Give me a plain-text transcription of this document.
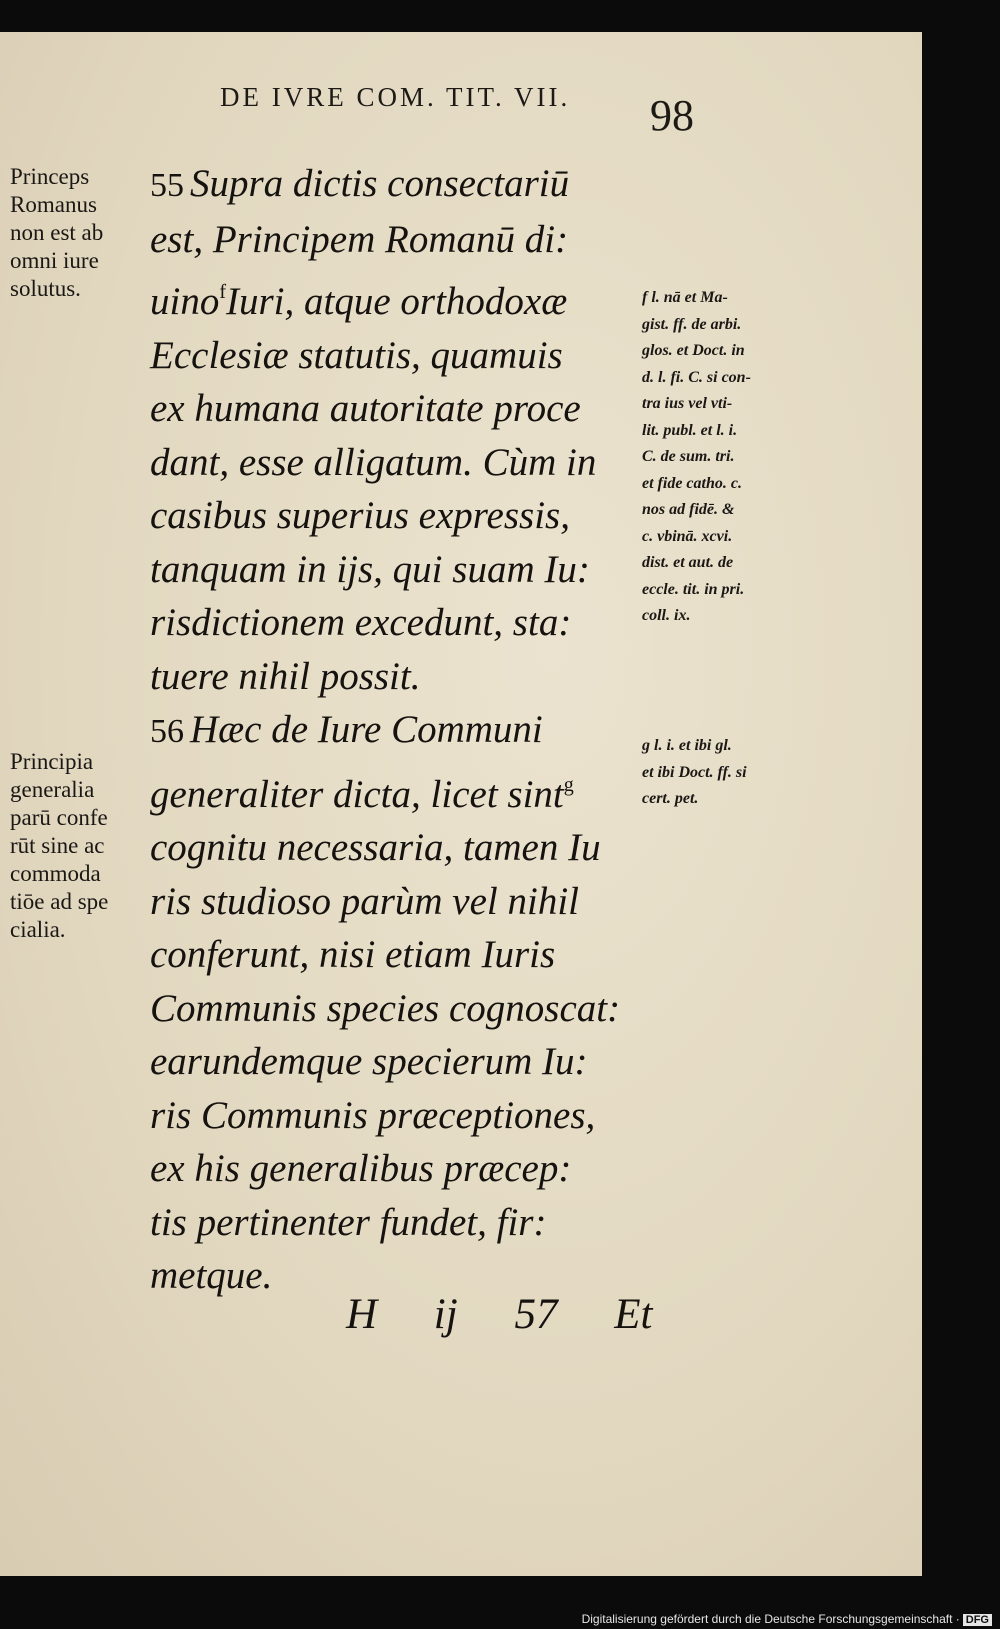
DE IVRE COM. TIT. VII. 98
Princeps
Romanus
non est ab
omni iure
solutus.
Principia
generalia
parū confe
rūt sine ac
commoda
tiōe ad spe
cialia.
55 Supra dictis consectariū
est, Principem Romanū di:
uino$^f$Iuri, atque orthodoxæ
Ecclesiæ statutis, quamuis
ex humana autoritate proce
dant, esse alligatum. Cùm in
casibus superius expressis,
tanquam in ijs, qui suam Iu:
risdictionem excedunt, sta:
tuere nihil possit.
56 Hæc de Iure Communi
generaliter dicta, licet sint$^g$
cognitu necessaria, tamen Iu
ris studioso parùm vel nihil
conferunt, nisi etiam Iuris
Communis species cognoscat:
earundemque specierum Iu:
ris Communis præceptiones,
ex his generalibus præcep:
tis pertinenter fundet, fir:
metque.
f l. nā et Ma-
gist. ff. de arbi.
glos. et Doct. in
d. l. fi. C. si con-
tra ius vel vti-
lit. publ. et l. i.
C. de sum. tri.
et fide catho. c.
nos ad fidē. &
c. vbinā. xcvi.
dist. et aut. de
eccle. tit. in pri.
coll. ix.
g l. i. et ibi gl.
et ibi Doct. ff. si
cert. pet.
H ij 57 Et
Digitalisierung gefördert durch die Deutsche Forschungsgemeinschaft · DFG
